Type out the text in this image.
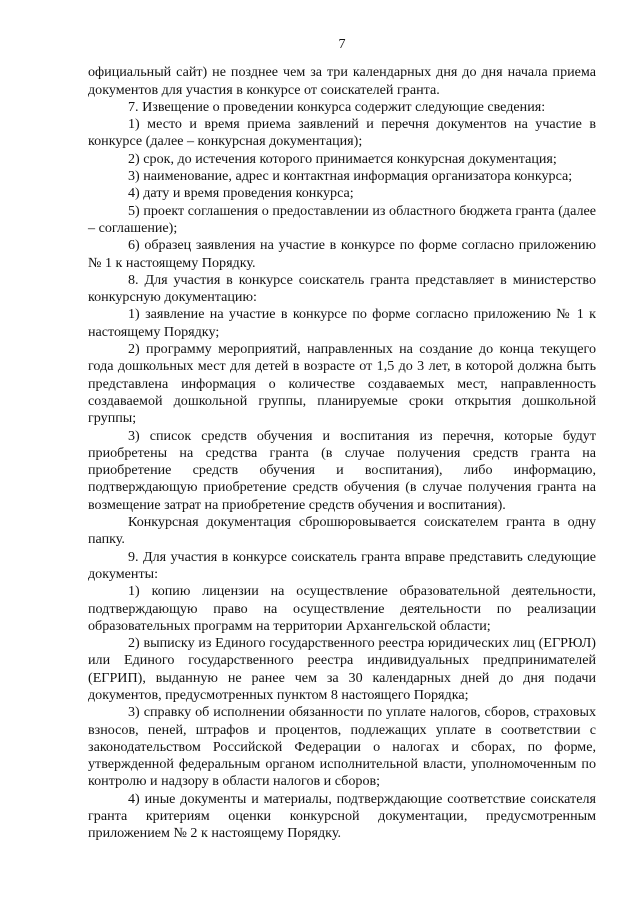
7

официальный сайт) не позднее чем за три календарных дня до дня начала приема документов для участия в конкурсе от соискателей гранта.

7. Извещение о проведении конкурса содержит следующие сведения:

1) место и время приема заявлений и перечня документов на участие в конкурсе (далее – конкурсная документация);

2) срок, до истечения которого принимается конкурсная документация;

3) наименование, адрес и контактная информация организатора конкурса;

4) дату и время проведения конкурса;

5) проект соглашения о предоставлении из областного бюджета гранта (далее – соглашение);

6) образец заявления на участие в конкурсе по форме согласно приложению № 1 к настоящему Порядку.

8. Для участия в конкурсе соискатель гранта представляет в министерство конкурсную документацию:

1) заявление на участие в конкурсе по форме согласно приложению № 1 к настоящему Порядку;

2) программу мероприятий, направленных на создание до конца текущего года дошкольных мест для детей в возрасте от 1,5 до 3 лет, в которой должна быть представлена информация о количестве создаваемых мест, направленность создаваемой дошкольной группы, планируемые сроки открытия дошкольной группы;

3) список средств обучения и воспитания из перечня, которые будут приобретены на средства гранта (в случае получения средств гранта на приобретение средств обучения и воспитания), либо информацию, подтверждающую приобретение средств обучения (в случае получения гранта на возмещение затрат на приобретение средств обучения и воспитания).

Конкурсная документация сброшюровывается соискателем гранта в одну папку.

9. Для участия в конкурсе соискатель гранта вправе представить следующие документы:

1) копию лицензии на осуществление образовательной деятельности, подтверждающую право на осуществление деятельности по реализации образовательных программ на территории Архангельской области;

2) выписку из Единого государственного реестра юридических лиц (ЕГРЮЛ) или Единого государственного реестра индивидуальных предпринимателей (ЕГРИП), выданную не ранее чем за 30 календарных дней до дня подачи документов, предусмотренных пунктом 8 настоящего Порядка;

3) справку об исполнении обязанности по уплате налогов, сборов, страховых взносов, пеней, штрафов и процентов, подлежащих уплате в соответствии с законодательством Российской Федерации о налогах и сборах, по форме, утвержденной федеральным органом исполнительной власти, уполномоченным по контролю и надзору в области налогов и сборов;

4) иные документы и материалы, подтверждающие соответствие соискателя гранта критериям оценки конкурсной документации, предусмотренным приложением № 2 к настоящему Порядку.
